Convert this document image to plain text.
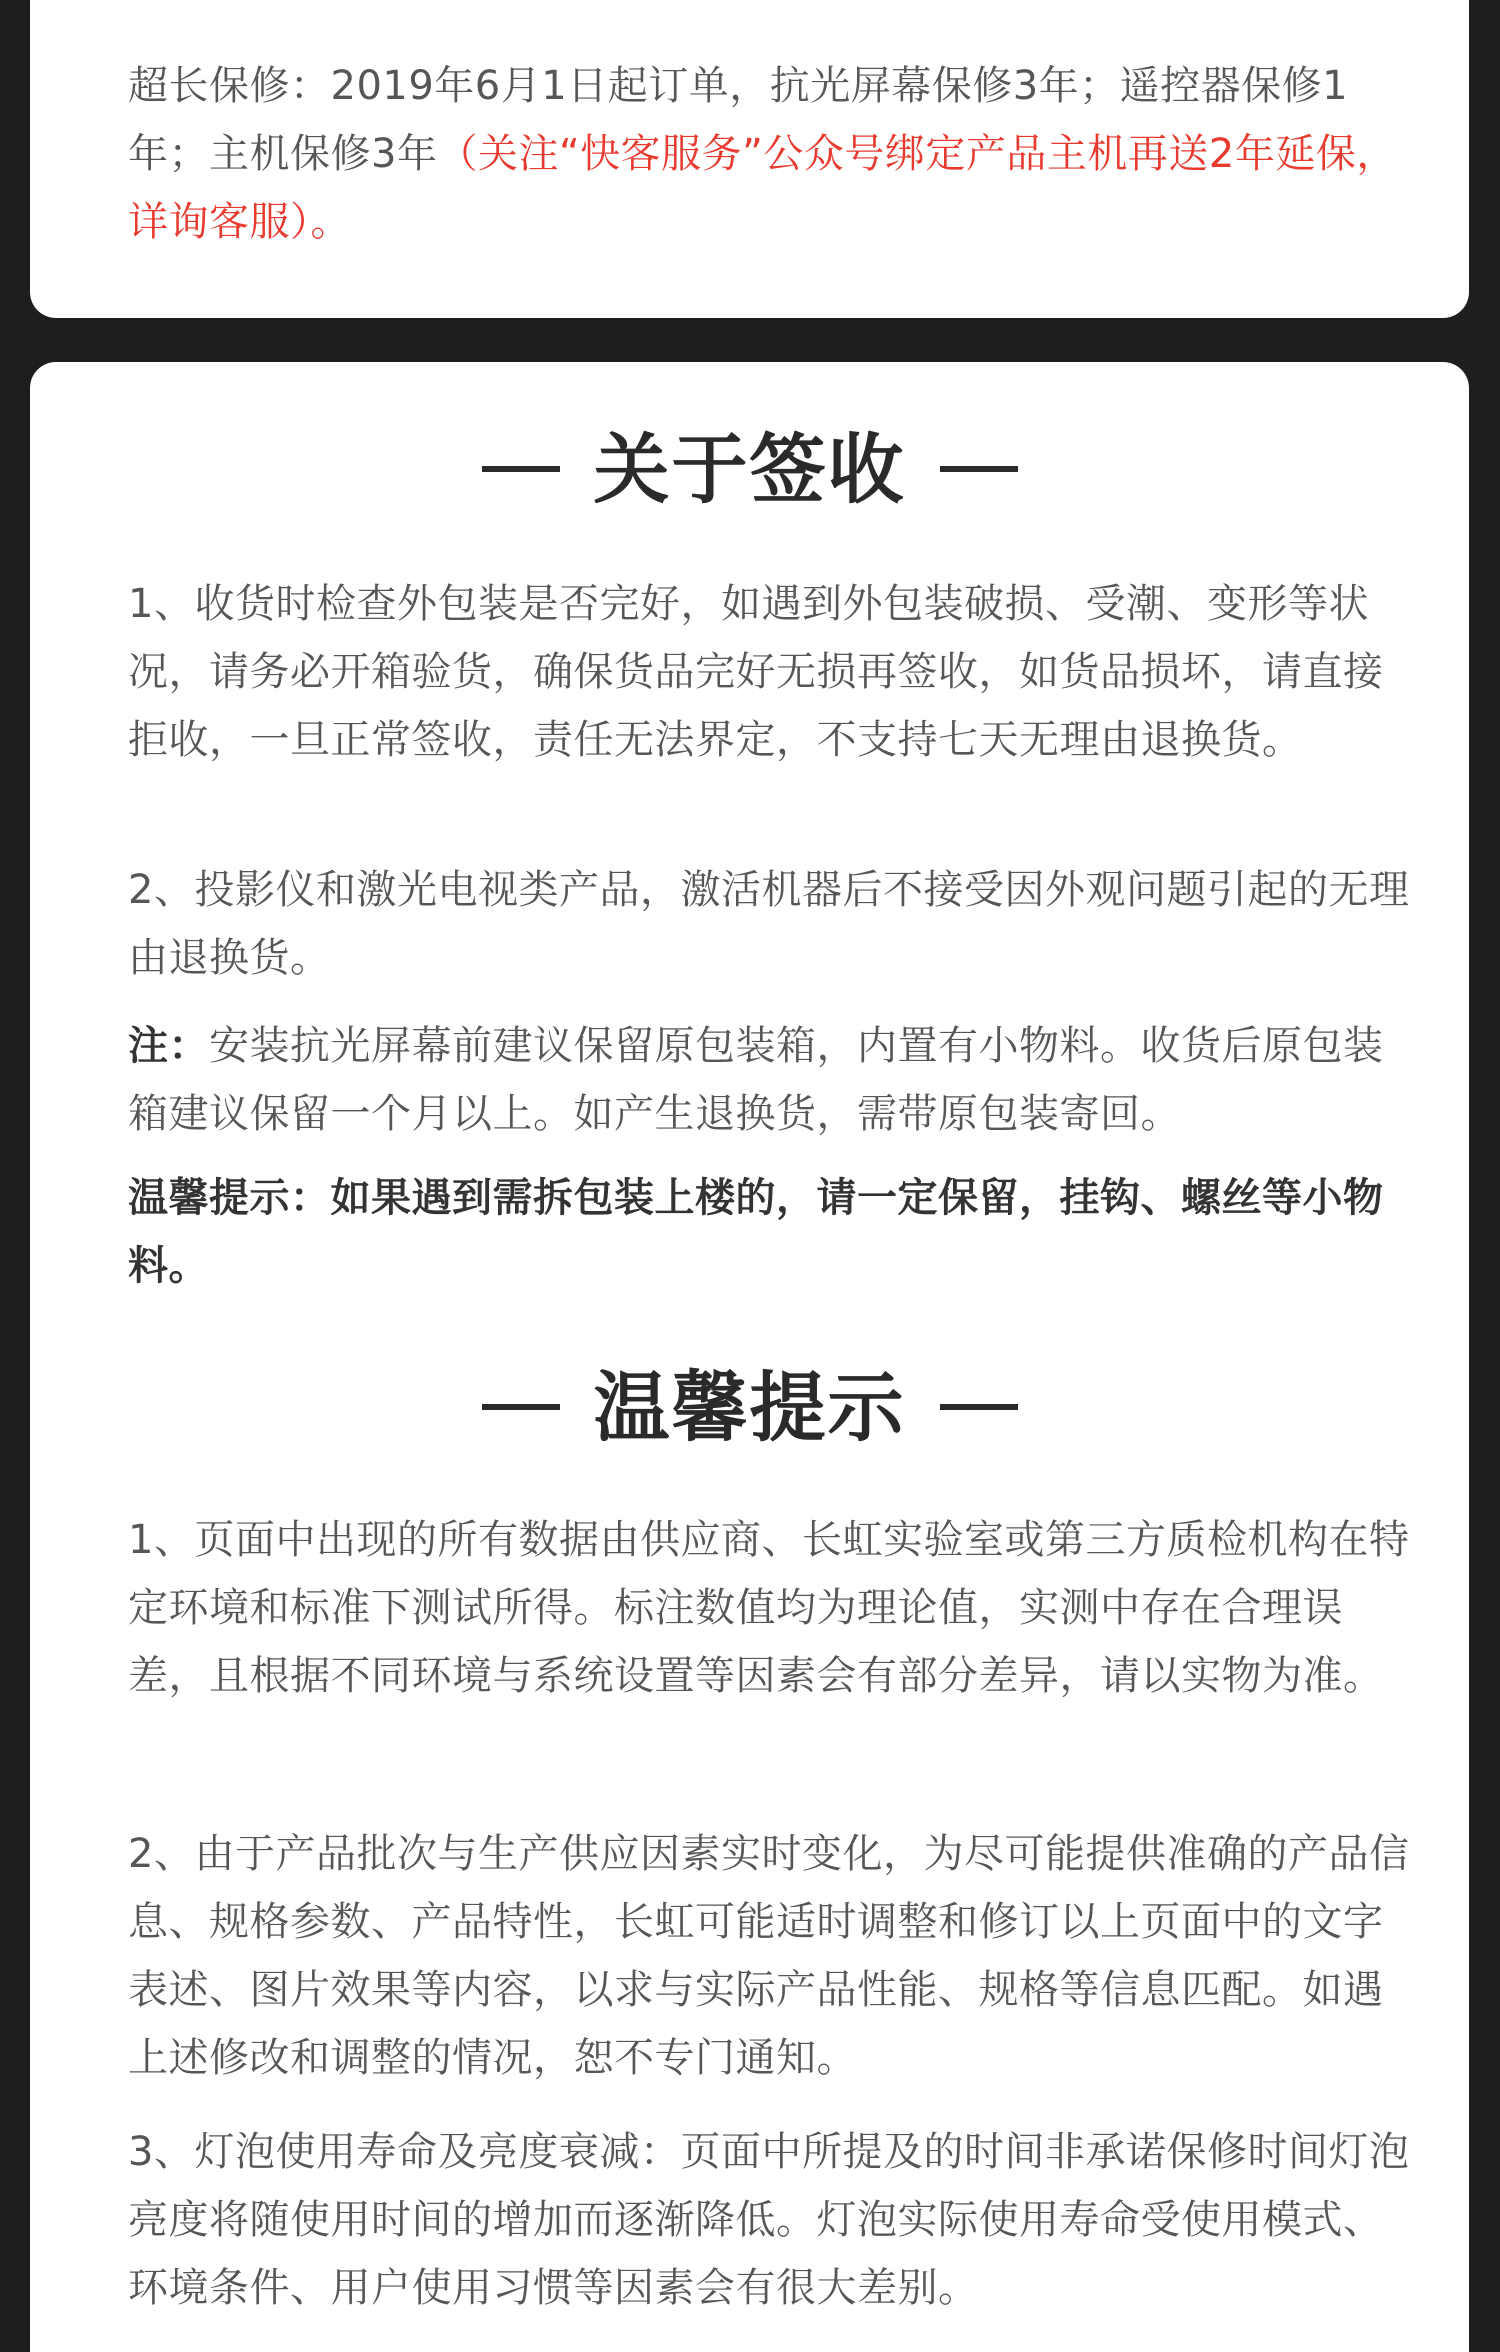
超长保修：2019年6月1日起订单，抗光屏幕保修3年；遥控器保修1年；主机保修3年（关注“快客服务”公众号绑定产品主机再送2年延保，详询客服）。

关于签收

1、收货时检查外包装是否完好，如遇到外包装破损、受潮、变形等状况，请务必开箱验货，确保货品完好无损再签收，如货品损坏，请直接拒收，一旦正常签收，责任无法界定，不支持七天无理由退换货。

2、投影仪和激光电视类产品，激活机器后不接受因外观问题引起的无理由退换货。

注：安装抗光屏幕前建议保留原包装箱，内置有小物料。收货后原包装箱建议保留一个月以上。如产生退换货，需带原包装寄回。

温馨提示：如果遇到需拆包装上楼的，请一定保留，挂钩、螺丝等小物料。

温馨提示

1、页面中出现的所有数据由供应商、长虹实验室或第三方质检机构在特定环境和标准下测试所得。标注数值均为理论值，实测中存在合理误差，且根据不同环境与系统设置等因素会有部分差异，请以实物为准。

2、由于产品批次与生产供应因素实时变化，为尽可能提供准确的产品信息、规格参数、产品特性，长虹可能适时调整和修订以上页面中的文字表述、图片效果等内容，以求与实际产品性能、规格等信息匹配。如遇上述修改和调整的情况，恕不专门通知。

3、灯泡使用寿命及亮度衰减：页面中所提及的时间非承诺保修时间灯泡亮度将随使用时间的增加而逐渐降低。灯泡实际使用寿命受使用模式、环境条件、用户使用习惯等因素会有很大差别。
